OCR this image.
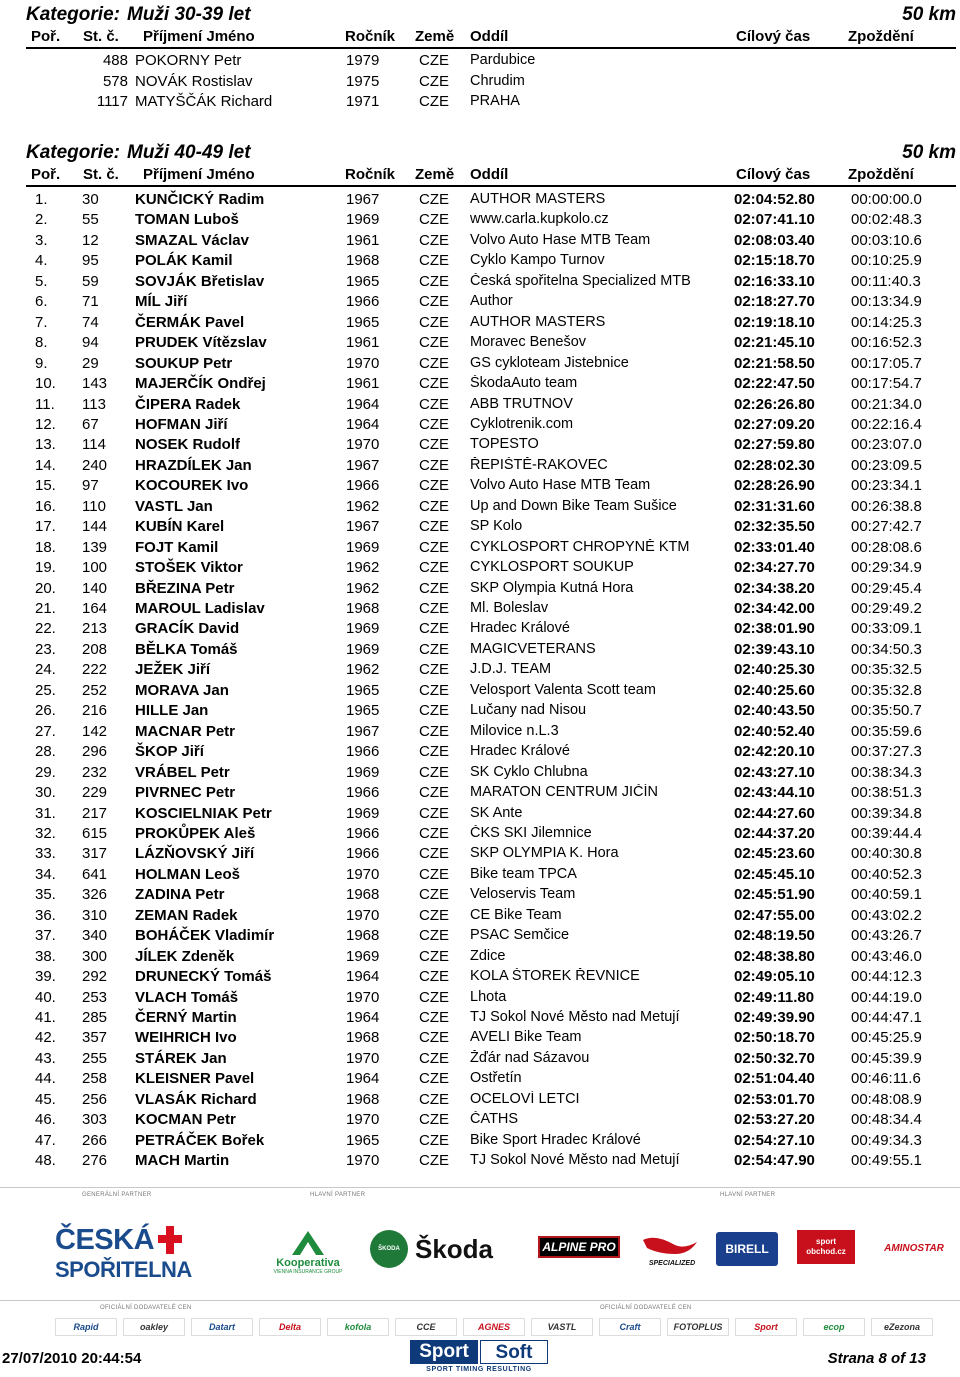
Kategorie: Muži 30-39 let	50 km
Poř. St. č. Příjmení Jméno	Ročník Země Oddíl	Cílový čas	Zpoždění
488 POKORNY Petr	1979	CZE Pardubice
578 NOVÁK Rostislav	1975	CZE Chrudim
1117 MATYŠČÁK Richard	1971	CZE PRAHA
Kategorie: Muži 40-49 let	50 km
Poř. St. č. Příjmení Jméno	Ročník Země Oddíl	Cílový čas	Zpoždění
1. 30 KUNČICKÝ Radim	1967	CZE AUTHOR MASTERS	02:04:52.80 00:00:00.0
2. 55 TOMAN Luboš	1969	CZE www.carla.kupkolo.cz	02:07:41.10 00:02:48.3
3. 12 SMAZAL Václav	1961	CZE Volvo Auto Hase MTB Team	02:08:03.40 00:03:10.6
4. 95 POLÁK Kamil	1968	CZE Cyklo Kampo Turnov	02:15:18.70 00:10:25.9
5. 59 SOVJÁK Břetislav	1965	CZE Česká spořitelna Specialized MTB	02:16:33.10 00:11:40.3
6. 71 MÍL Jiří	1966	CZE Author	02:18:27.70 00:13:34.9
7. 74 ČERMÁK Pavel	1965	CZE AUTHOR MASTERS	02:19:18.10 00:14:25.3
8. 94 PRUDEK Vítězslav	1961	CZE Moravec Benešov	02:21:45.10 00:16:52.3
9. 29 SOUKUP Petr	1970	CZE GS cykloteam Jistebnice	02:21:58.50 00:17:05.7
10. 143 MAJERČÍK Ondřej	1961	CZE ŠkodaAuto team	02:22:47.50 00:17:54.7
11. 113 ČIPERA Radek	1964	CZE ABB TRUTNOV	02:26:26.80 00:21:34.0
12. 67 HOFMAN Jiří	1964	CZE Cyklotrenik.com	02:27:09.20 00:22:16.4
13. 114 NOSEK Rudolf	1970	CZE TOPESTO	02:27:59.80 00:23:07.0
14. 240 HRAZDÍLEK Jan	1967	CZE ŘEPIŠTĚ-RAKOVEC	02:28:02.30 00:23:09.5
15. 97 KOCOUREK Ivo	1966	CZE Volvo Auto Hase MTB Team	02:28:26.90 00:23:34.1
16. 110 VASTL Jan	1962	CZE Up and Down Bike Team Sušice	02:31:31.60 00:26:38.8
17. 144 KUBÍN Karel	1967	CZE SP Kolo	02:32:35.50 00:27:42.7
18. 139 FOJT Kamil	1969	CZE CYKLOSPORT CHROPYNĚ KTM	02:33:01.40 00:28:08.6
19. 100 STOŠEK Viktor	1962	CZE CYKLOSPORT SOUKUP	02:34:27.70 00:29:34.9
20. 140 BŘEZINA Petr	1962	CZE SKP Olympia Kutná Hora	02:34:38.20 00:29:45.4
21. 164 MAROUL Ladislav	1968	CZE Ml. Boleslav	02:34:42.00 00:29:49.2
22. 213 GRACÍK David	1969	CZE Hradec Králové	02:38:01.90 00:33:09.1
23. 208 BĚLKA Tomáš	1969	CZE MAGICVETERANS	02:39:43.10 00:34:50.3
24. 222 JEŽEK Jiří	1962	CZE J.D.J. TEAM	02:40:25.30 00:35:32.5
25. 252 MORAVA Jan	1965	CZE Velosport Valenta Scott team	02:40:25.60 00:35:32.8
26. 216 HILLE Jan	1965	CZE Lučany nad Nisou	02:40:43.50 00:35:50.7
27. 142 MACNAR Petr	1967	CZE Milovice n.L.3	02:40:52.40 00:35:59.6
28. 296 ŠKOP Jiří	1966	CZE Hradec Králové	02:42:20.10 00:37:27.3
29. 232 VRÁBEL Petr	1969	CZE SK Cyklo Chlubna	02:43:27.10 00:38:34.3
30. 229 PIVRNEC Petr	1966	CZE MARATON CENTRUM JIČÍN	02:43:44.10 00:38:51.3
31. 217 KOSCIELNIAK Petr	1969	CZE SK Ante	02:44:27.60 00:39:34.8
32. 615 PROKŮPEK Aleš	1966	CZE ČKS SKI Jilemnice	02:44:37.20 00:39:44.4
33. 317 LÁZŇOVSKÝ Jiří	1966	CZE SKP OLYMPIA K. Hora	02:45:23.60 00:40:30.8
34. 641 HOLMAN Leoš	1970	CZE Bike team TPCA	02:45:45.10 00:40:52.3
35. 326 ZADINA Petr	1968	CZE Veloservis Team	02:45:51.90 00:40:59.1
36. 310 ZEMAN Radek	1970	CZE CE Bike Team	02:47:55.00 00:43:02.2
37. 340 BOHÁČEK Vladimír	1968	CZE PSAC Semčice	02:48:19.50 00:43:26.7
38. 300 JÍLEK Zdeněk	1969	CZE Zdice	02:48:38.80 00:43:46.0
39. 292 DRUNECKÝ Tomáš	1964	CZE KOLA ŠTOREK ŘEVNICE	02:49:05.10 00:44:12.3
40. 253 VLACH Tomáš	1970	CZE Lhota	02:49:11.80 00:44:19.0
41. 285 ČERNÝ Martin	1964	CZE TJ Sokol Nové Město nad Metují	02:49:39.90 00:44:47.1
42. 357 WEIHRICH Ivo	1968	CZE AVELI Bike Team	02:50:18.70 00:45:25.9
43. 255 STÁREK Jan	1970	CZE Žďár nad Sázavou	02:50:32.70 00:45:39.9
44. 258 KLEISNER Pavel	1964	CZE Ostřetín	02:51:04.40 00:46:11.6
45. 256 VLASÁK Richard	1968	CZE OCELOVÍ LETCI	02:53:01.70 00:48:08.9
46. 303 KOCMAN Petr	1970	CZE ČATHS	02:53:27.20 00:48:34.4
47. 266 PETRÁČEK Bořek	1965	CZE Bike Sport Hradec Králové	02:54:27.10 00:49:34.3
48. 276 MACH Martin	1970	CZE TJ Sokol Nové Město nad Metují	02:54:47.90 00:49:55.1
GENERÁLNÍ PARTNER	HLAVNÍ PARTNER	HLAVNÍ PARTNER
ČESKÁ
SPOŘITELNA	Kooperativa
VIENNA INSURANCE GROUP
ŠKODA Škoda	ALPINE PRO
SPECIALIZED
BIRELL
sport obchod.cz	AMINOSTAR
OFICIÁLNÍ DODAVATELÉ CEN	OFICIÁLNÍ DODAVATELÉ CEN
Rapid	oakley	Datart	Delta	kofola	CCE	AGNES	VASTL	Craft	FOTOPLUS	Sport	ecop	eZezona
27/07/2010 20:44:54	Sport	Soft
SPORT TIMING RESULTING
Strana 8 of 13
